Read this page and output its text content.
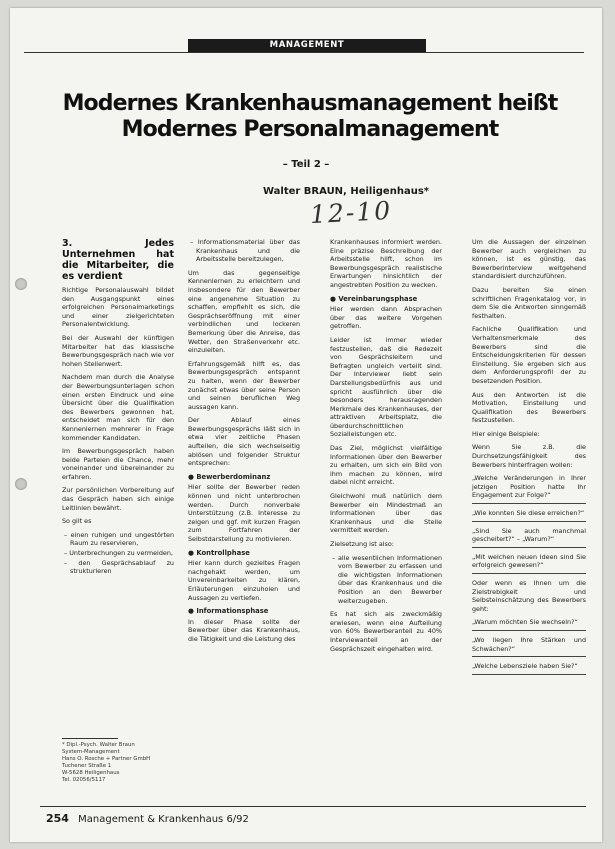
MANAGEMENT
Modernes Krankenhausmanagement heißt
Modernes Personalmanagement
– Teil 2 –
Walter BRAUN, Heiligenhaus*
12-10
3. Jedes Unternehmen hat die Mitarbeiter, die es verdient

Richtige Personalauswahl bildet den Ausgangspunkt eines erfolgreichen Personalmarketings und einer zielgerichteten Personalentwicklung.

Bei der Auswahl der künftigen Mitarbeiter hat das klassische Bewerbungsgespräch nach wie vor hohen Stellenwert.

Nachdem man durch die Analyse der Bewerbungsunterlagen schon einen ersten Eindruck und eine Übersicht über die Qualifikation des Bewerbers gewonnen hat, entscheidet man sich für den Kennenlernen mehrerer in Frage kommender Kandidaten.

Im Bewerbungsgespräch haben beide Parteien die Chance, mehr voneinander und übereinander zu erfahren.

Zur persönlichen Vorbereitung auf das Gespräch haben sich einige Leitlinien bewährt.

So gilt es

– einen ruhigen und ungestörten Raum zu reservieren,
– Unterbrechungen zu vermeiden,
– den Gesprächsablauf zu strukturieren
* Dipl.-Psych. Walter Braun
System-Management
Hans O. Rosche + Partner GmbH
Tuchener Straße 1
W-5628 Heiligenhaus
Tel. 02056/5117
– Informationsmaterial über das Krankenhaus und die Arbeitsstelle bereitzulegen,

Um das gegenseitige Kennenlernen zu erleichtern und insbesondere für den Bewerber eine angenehme Situation zu schaffen, empfiehlt es sich, die Gesprächseröffnung mit einer verbindlichen und lockeren Bemerkung über die Anreise, das Wetter, den Straßenverkehr etc. einzuleiten.

Erfahrungsgemäß hilft es, das Bewerbungsgespräch entspannt zu halten, wenn der Bewerber zunächst etwas über seine Person und seinen beruflichen Weg aussagen kann.

Der Ablauf eines Bewerbungsgesprächs läßt sich in etwa vier zeitliche Phasen aufteilen, die sich wechselseitig ablösen und folgender Struktur entsprechen:

● Bewerberdominanz

Hier sollte der Bewerber reden können und nicht unterbrochen werden. Durch nonverbale Unterstützung (z.B. Interesse zu zeigen und ggf. mit kurzen Fragen zum Fortfahren der Selbstdarstellung zu motivieren.

● Kontrollphase

Hier kann durch gezieltes Fragen nachgehakt werden, um Unvereinbarkeiten zu klären, Erläuterungen einzuholen und Aussagen zu vertiefen.

● Informationsphase

In dieser Phase sollte der Bewerber über das Krankenhaus, die Tätigkeit und die Leistung des

Krankenhauses informiert werden. Eine präzise Beschreibung der Arbeitsstelle hilft, schon im Bewerbungsgespräch realistische Erwartungen hinsichtlich der angestrebten Position zu wecken.

● Vereinbarungsphase

Hier werden dann Absprachen über das weitere Vorgehen getroffen.

Leider ist immer wieder festzustellen, daß die Redezeit von Gesprächsleitern und Befragten ungleich verteilt sind. Der Interviewer liebt sein Darstellungsbedürfnis aus und spricht ausführlich über die besonders herausragenden Merkmale des Krankenhauses, der attraktiven Arbeitsplatz, die überdurchschnittlichen Sozialleistungen etc.

Das Ziel, möglichst vielfältige Informationen über den Bewerber zu erhalten, um sich ein Bild von ihm machen zu können, wird dabei nicht erreicht.

Gleichwohl muß natürlich dem Bewerber ein Mindestmaß an Informationen über das Krankenhaus und die Stelle vermittelt werden.

Zielsetzung ist also:

– alle wesentlichen Informationen vom Bewerber zu erfassen und die wichtigsten Informationen über das Krankenhaus und die Position an den Bewerber weiterzugeben.

Es hat sich als zweckmäßig erwiesen, wenn eine Aufteilung von 60% Bewerberanteil zu 40% Interviewanteil an der Gesprächszeit eingehalten wird.

Um die Aussagen der einzelnen Bewerber auch vergleichen zu können, ist es günstig, das Bewerberinterview weitgehend standardisiert durchzuführen.

Dazu bereiten Sie einen schriftlichen Fragenkatalog vor, in dem Sie die Antworten sinngemäß festhalten.

Fachliche Qualifikation und Verhaltensmerkmale des Bewerbers sind die Entscheidungskriterien für dessen Einstellung. Sie ergeben sich aus dem Anforderungsprofil der zu besetzenden Position.

Aus den Antworten ist die Motivation, Einstellung und Qualifikation des Bewerbers festzustellen.

Hier einige Beispiele:

Wenn Sie z.B. die Durchsetzungsfähigkeit des Bewerbers hinterfragen wollen:

„Welche Veränderungen in Ihrer jetzigen Position hatte Ihr Engagement zur Folge?“

„Wie konnten Sie diese erreichen?“

„Sind Sie auch manchmal gescheitert?“ – „Warum?“

„Mit welchen neuen Ideen sind Sie erfolgreich gewesen?“

Oder wenn es Ihnen um die Zielstrebigkeit und Selbsteinschätzung des Bewerbers geht:

„Warum möchten Sie wechseln?“

„Wo liegen Ihre Stärken und Schwächen?“

„Welche Lebensziele haben Sie?“

254 Management & Krankenhaus 6/92
